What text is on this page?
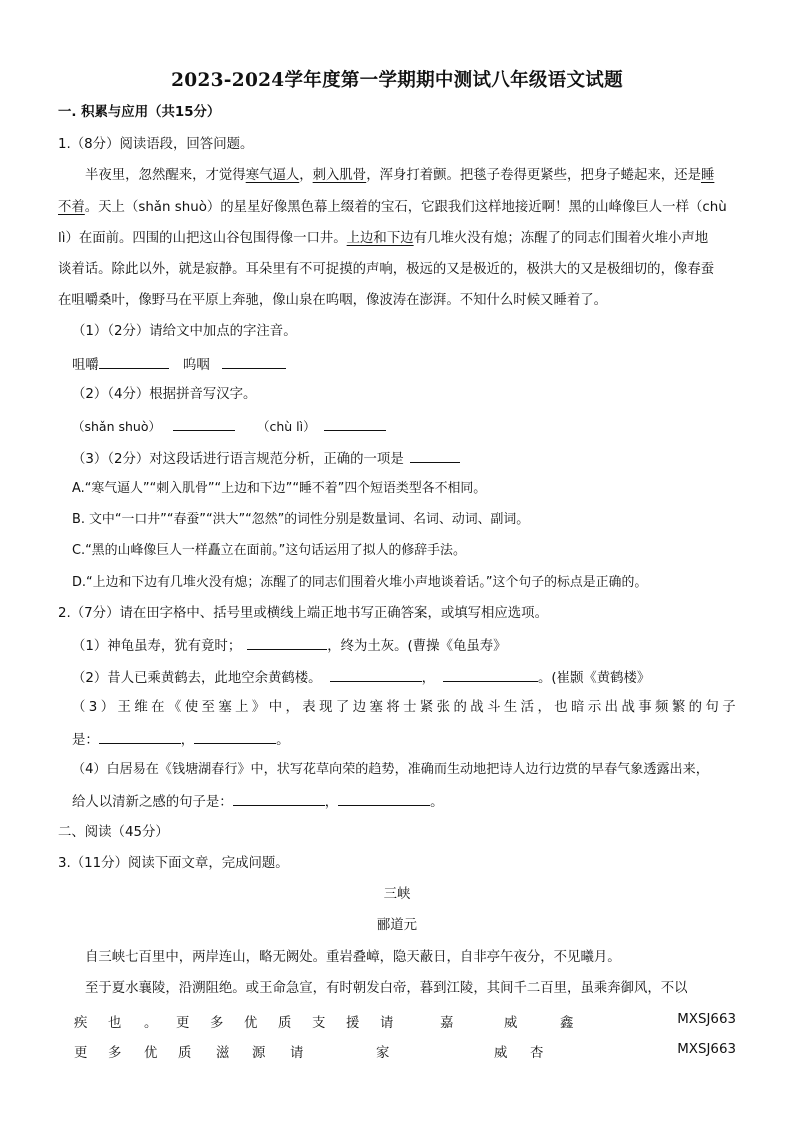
2023-2024学年度第一学期期中测试八年级语文试题
一. 积累与应用（共15分）
1.（8分）阅读语段，回答问题。
半夜里，忽然醒来，才觉得寒气逼人，刺入肌骨，浑身打着颤。把毯子卷得更紧些，把身子蜷起来，还是睡
不着。天上（shǎn shuò）的星星好像黑色幕上缀着的宝石，它跟我们这样地接近啊！黑的山峰像巨人一样（chù
lì）在面前。四围的山把这山谷包围得像一口井。上边和下边有几堆火没有熄；冻醒了的同志们围着火堆小声地
谈着话。除此以外，就是寂静。耳朵里有不可捉摸的声响，极远的又是极近的，极洪大的又是极细切的，像春蚕
在咀嚼桑叶，像野马在平原上奔驰，像山泉在呜咽，像波涛在澎湃。不知什么时候又睡着了。
（1）（2分）请给文中加点的字注音。
咀嚼	呜咽
（2）（4分）根据拼音写汉字。
（shǎn shuò）	（chù lì）
（3）（2分）对这段话进行语言规范分析，正确的一项是
A.“寒气逼人”“刺入肌骨”“上边和下边”“睡不着”四个短语类型各不相同。
B. 文中“一口井”“春蚕”“洪大”“忽然”的词性分别是数量词、名词、动词、副词。
C.“黑的山峰像巨人一样矗立在面前。”这句话运用了拟人的修辞手法。
D.“上边和下边有几堆火没有熄；冻醒了的同志们围着火堆小声地谈着话。”这个句子的标点是正确的。
2.（7分）请在田字格中、括号里或横线上端正地书写正确答案，或填写相应选项。
（1）神龟虽寿，犹有竟时；	，终为土灰。(曹操《龟虽寿》
（2）昔人已乘黄鹤去，此地空余黄鹤楼。	，	。(崔颢《黄鹤楼》
（ 3 ） 王 维 在 《 使 至 塞 上 》 中 ， 表 现 了 边 塞 将 士 紧 张 的 战 斗 生 活 ， 也 暗 示 出 战 事 频 繁 的 句 子
是：	，	。
（4）白居易在《钱塘湖春行》中，状写花草向荣的趋势，准确而生动地把诗人边行边赏的早春气象透露出来，
给人以清新之感的句子是：	，	。
二、阅读（45分）
3.（11分）阅读下面文章，完成问题。
三峡
郦道元
自三峡七百里中，两岸连山，略无阙处。重岩叠嶂，隐天蔽日，自非亭午夜分，不见曦月。
至于夏水襄陵，沿溯阻绝。或王命急宣，有时朝发白帝，暮到江陵，其间千二百里，虽乘奔御风，不以
疾 也 。 更 多 优 质 支 援 请	嘉	威	鑫	MXSJ663
更 多 优 质 滋 源 请	家	威 杏	MXSJ663
